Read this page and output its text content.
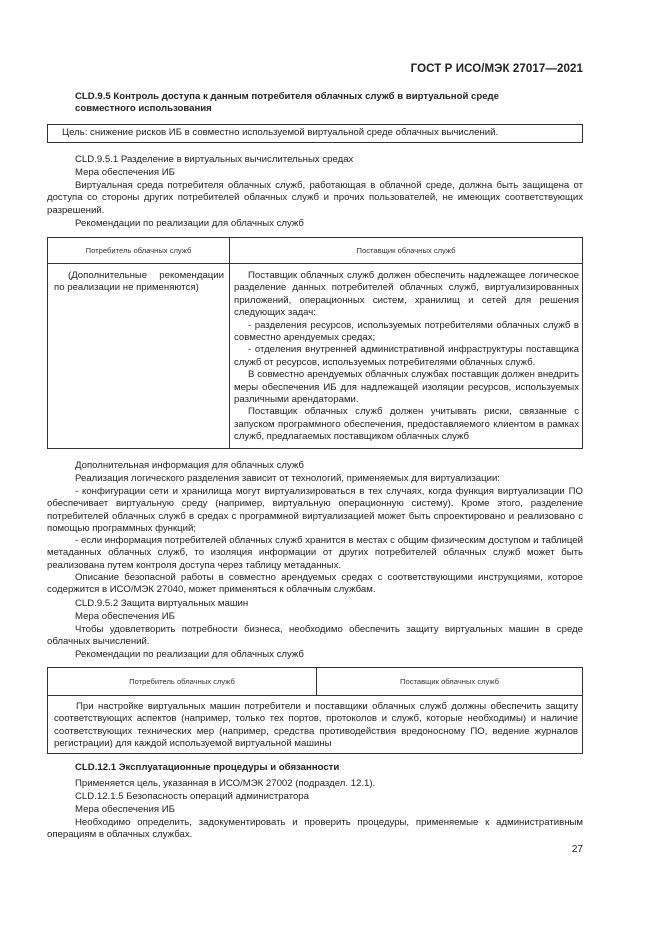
ГОСТ Р ИСО/МЭК 27017—2021
CLD.9.5 Контроль доступа к данным потребителя облачных служб в виртуальной среде
совместного использования
Цель: снижение рисков ИБ в совместно используемой виртуальной среде облачных вычислений.
CLD.9.5.1 Разделение в виртуальных вычислительных средах
Мера обеспечения ИБ
Виртуальная среда потребителя облачных служб, работающая в облачной среде, должна быть защищена от доступа со стороны других потребителей облачных служб и прочих пользователей, не имеющих соответствующих разрешений.
Рекомендации по реализации для облачных служб
Потребитель облачных служб	Поставщик облачных служб
(Дополнительные рекомендации по реализации не применяются)
Поставщик облачных служб должен обеспечить надлежащее логическое разделение данных потребителей облачных служб, виртуализированных приложений, операционных систем, хранилищ и сетей для решения следующих задач:
- разделения ресурсов, используемых потребителями облачных служб в совместно арендуемых средах;
- отделения внутренней административной инфраструктуры поставщика служб от ресурсов, используемых потребителями облачных служб.
В совместно арендуемых облачных службах поставщик должен внедрить меры обеспечения ИБ для надлежащей изоляции ресурсов, используемых различными арендаторами.
Поставщик облачных служб должен учитывать риски, связанные с запуском программного обеспечения, предоставляемого клиентом в рамках служб, предлагаемых поставщиком облачных служб
Дополнительная информация для облачных служб
Реализация логического разделения зависит от технологий, применяемых для виртуализации:
- конфигурации сети и хранилища могут виртуализироваться в тех случаях, когда функция виртуализации ПО обеспечивает виртуальную среду (например, виртуальную операционную систему). Кроме этого, разделение потребителей облачных служб в средах с программной виртуализацией может быть спроектировано и реализовано с помощью программных функций;
- если информация потребителей облачных служб хранится в местах с общим физическим доступом и таблицей метаданных облачных служб, то изоляция информации от других потребителей облачных служб может быть реализована путем контроля доступа через таблицу метаданных.
Описание безопасной работы в совместно арендуемых средах с соответствующими инструкциями, которое содержится в ИСО/МЭК 27040, может применяться к облачным службам.
CLD.9.5.2 Защита виртуальных машин
Мера обеспечения ИБ
Чтобы удовлетворить потребности бизнеса, необходимо обеспечить защиту виртуальных машин в среде облачных вычислений.
Рекомендации по реализации для облачных служб
Потребитель облачных служб	Поставщик облачных служб
При настройке виртуальных машин потребители и поставщики облачных служб должны обеспечить защиту соответствующих аспектов (например, только тех портов, протоколов и служб, которые необходимы) и наличие соответствующих технических мер (например, средства противодействия вредоносному ПО, ведение журналов регистрации) для каждой используемой виртуальной машины
CLD.12.1 Эксплуатационные процедуры и обязанности
Применяется цель, указанная в ИСО/МЭК 27002 (подраздел. 12.1).
CLD.12.1.5 Безопасность операций администратора
Мера обеспечения ИБ
Необходимо определить, задокументировать и проверить процедуры, применяемые к административным операциям в облачных службах.
27
